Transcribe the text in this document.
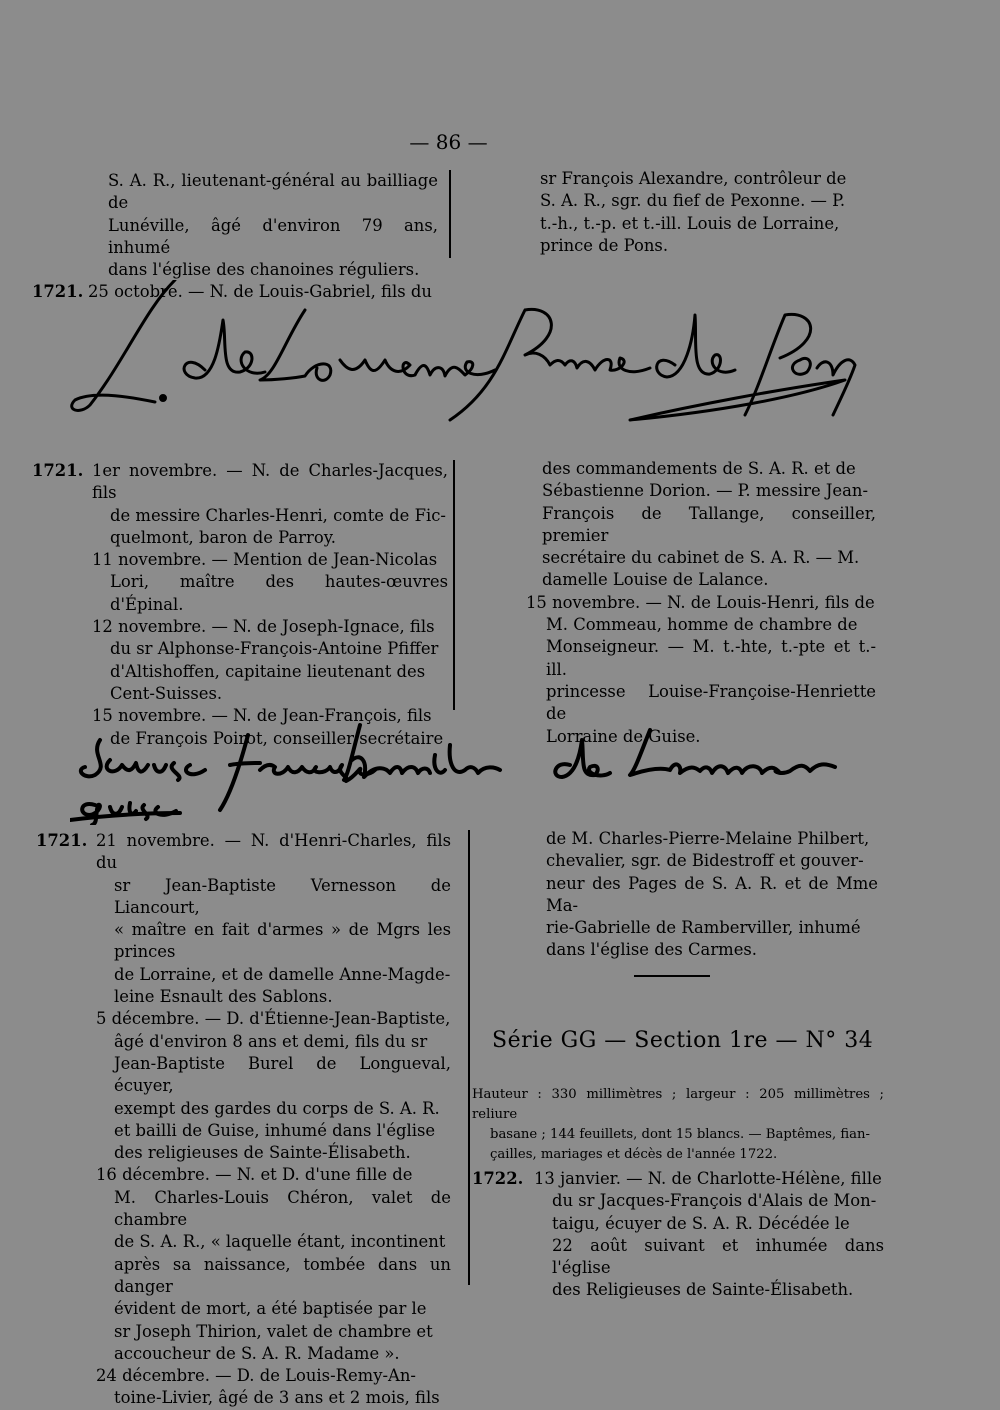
— 86 —

S. A. R., lieutenant-général au bailliage de

Lunéville, âgé d'environ 79 ans, inhumé

dans l'église des chanoines réguliers.

1721. 25 octobre. — N. de Louis-Gabriel, fils du

sr François Alexandre, contrôleur de

S. A. R., sgr. du fief de Pexonne. — P.

t.-h., t.-p. et t.-ill. Louis de Lorraine,

prince de Pons.

1721. 1er novembre. — N. de Charles-Jacques, fils

de messire Charles-Henri, comte de Fic-

quelmont, baron de Parroy.

11 novembre. — Mention de Jean-Nicolas

Lori, maître des hautes-œuvres d'Épinal.

12 novembre. — N. de Joseph-Ignace, fils

du sr Alphonse-François-Antoine Pfiffer

d'Altishoffen, capitaine lieutenant des

Cent-Suisses.

15 novembre. — N. de Jean-François, fils

de François Poirot, conseiller secrétaire

des commandements de S. A. R. et de

Sébastienne Dorion. — P. messire Jean-

François de Tallange, conseiller, premier

secrétaire du cabinet de S. A. R. — M.

damelle Louise de Lalance.

15 novembre. — N. de Louis-Henri, fils de

M. Commeau, homme de chambre de

Monseigneur. — M. t.-hte, t.-pte et t.-ill.

princesse Louise-Françoise-Henriette de

Lorraine de Guise.

1721. 21 novembre. — N. d'Henri-Charles, fils du

sr Jean-Baptiste Vernesson de Liancourt,

« maître en fait d'armes » de Mgrs les princes

de Lorraine, et de damelle Anne-Magde-

leine Esnault des Sablons.

5 décembre. — D. d'Étienne-Jean-Baptiste,

âgé d'environ 8 ans et demi, fils du sr

Jean-Baptiste Burel de Longueval, écuyer,

exempt des gardes du corps de S. A. R.

et bailli de Guise, inhumé dans l'église

des religieuses de Sainte-Élisabeth.

16 décembre. — N. et D. d'une fille de

M. Charles-Louis Chéron, valet de chambre

de S. A. R., « laquelle étant, incontinent

après sa naissance, tombée dans un danger

évident de mort, a été baptisée par le

sr Joseph Thirion, valet de chambre et

accoucheur de S. A. R. Madame ».

24 décembre. — D. de Louis-Remy-An-

toine-Livier, âgé de 3 ans et 2 mois, fils

de M. Charles-Pierre-Melaine Philbert,

chevalier, sgr. de Bidestroff et gouver-

neur des Pages de S. A. R. et de Mme Ma-

rie-Gabrielle de Ramberviller, inhumé

dans l'église des Carmes.

Série GG — Section 1re — N° 34

Hauteur : 330 millimètres ; largeur : 205 millimètres ; reliure

basane ; 144 feuillets, dont 15 blancs. — Baptêmes, fian-

çailles, mariages et décès de l'année 1722.

1722. 13 janvier. — N. de Charlotte-Hélène, fille

du sr Jacques-François d'Alais de Mon-

taigu, écuyer de S. A. R. Décédée le

22 août suivant et inhumée dans l'église

des Religieuses de Sainte-Élisabeth.
